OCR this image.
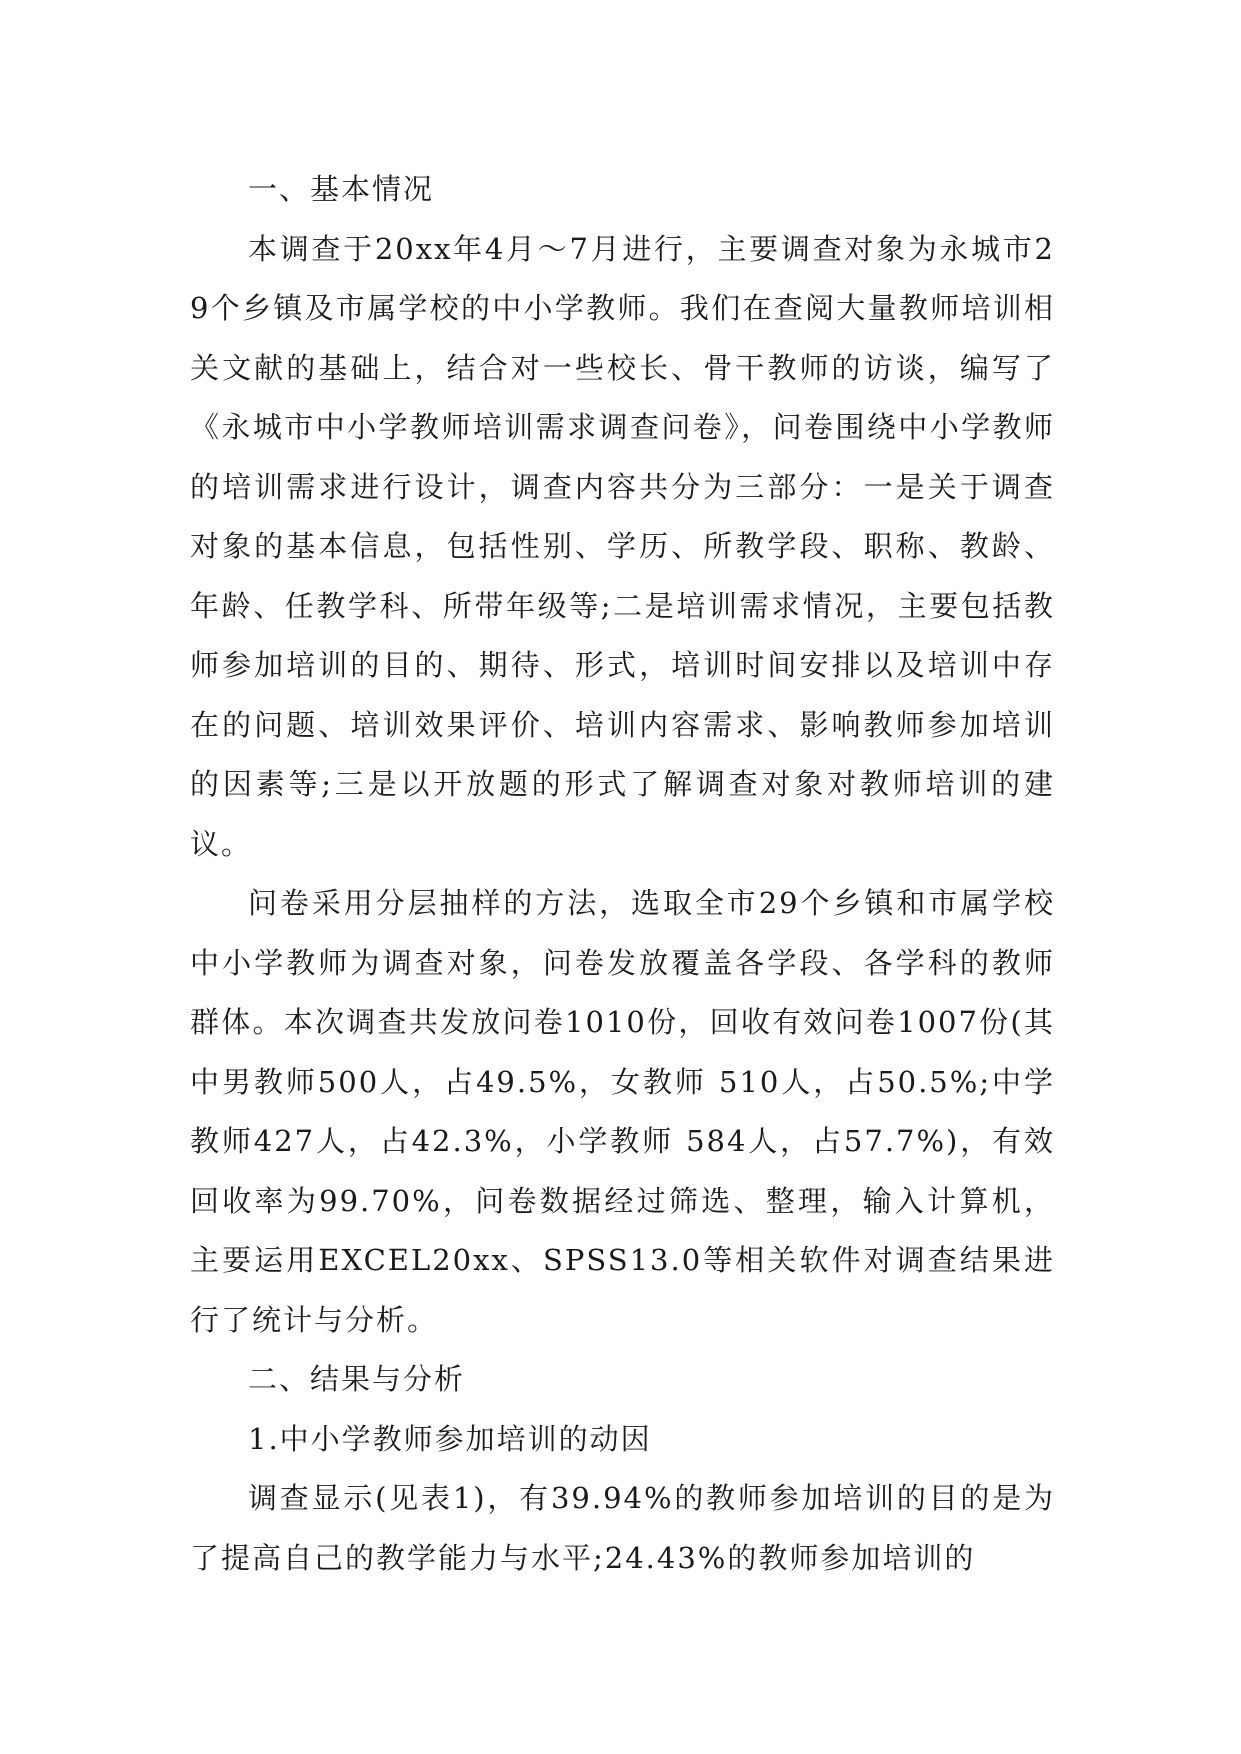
一、基本情况

本调查于20xx年4月～7月进行，主要调查对象为永城市29个乡镇及市属学校的中小学教师。我们在查阅大量教师培训相关文献的基础上，结合对一些校长、骨干教师的访谈，编写了《永城市中小学教师培训需求调查问卷》，问卷围绕中小学教师的培训需求进行设计，调查内容共分为三部分：一是关于调查对象的基本信息，包括性别、学历、所教学段、职称、教龄、年龄、任教学科、所带年级等;二是培训需求情况，主要包括教师参加培训的目的、期待、形式，培训时间安排以及培训中存在的问题、培训效果评价、培训内容需求、影响教师参加培训的因素等;三是以开放题的形式了解调查对象对教师培训的建议。

问卷采用分层抽样的方法，选取全市29个乡镇和市属学校中小学教师为调查对象，问卷发放覆盖各学段、各学科的教师群体。本次调查共发放问卷1010份，回收有效问卷1007份(其中男教师500人，占49.5%，女教师 510人，占50.5%;中学教师427人，占42.3%，小学教师 584人，占57.7%)，有效回收率为99.70%，问卷数据经过筛选、整理，输入计算机，主要运用EXCEL20xx、SPSS13.0等相关软件对调查结果进行了统计与分析。

二、结果与分析

1.中小学教师参加培训的动因

调查显示(见表1)，有39.94%的教师参加培训的目的是为了提高自己的教学能力与水平;24.43%的教师参加培训的
